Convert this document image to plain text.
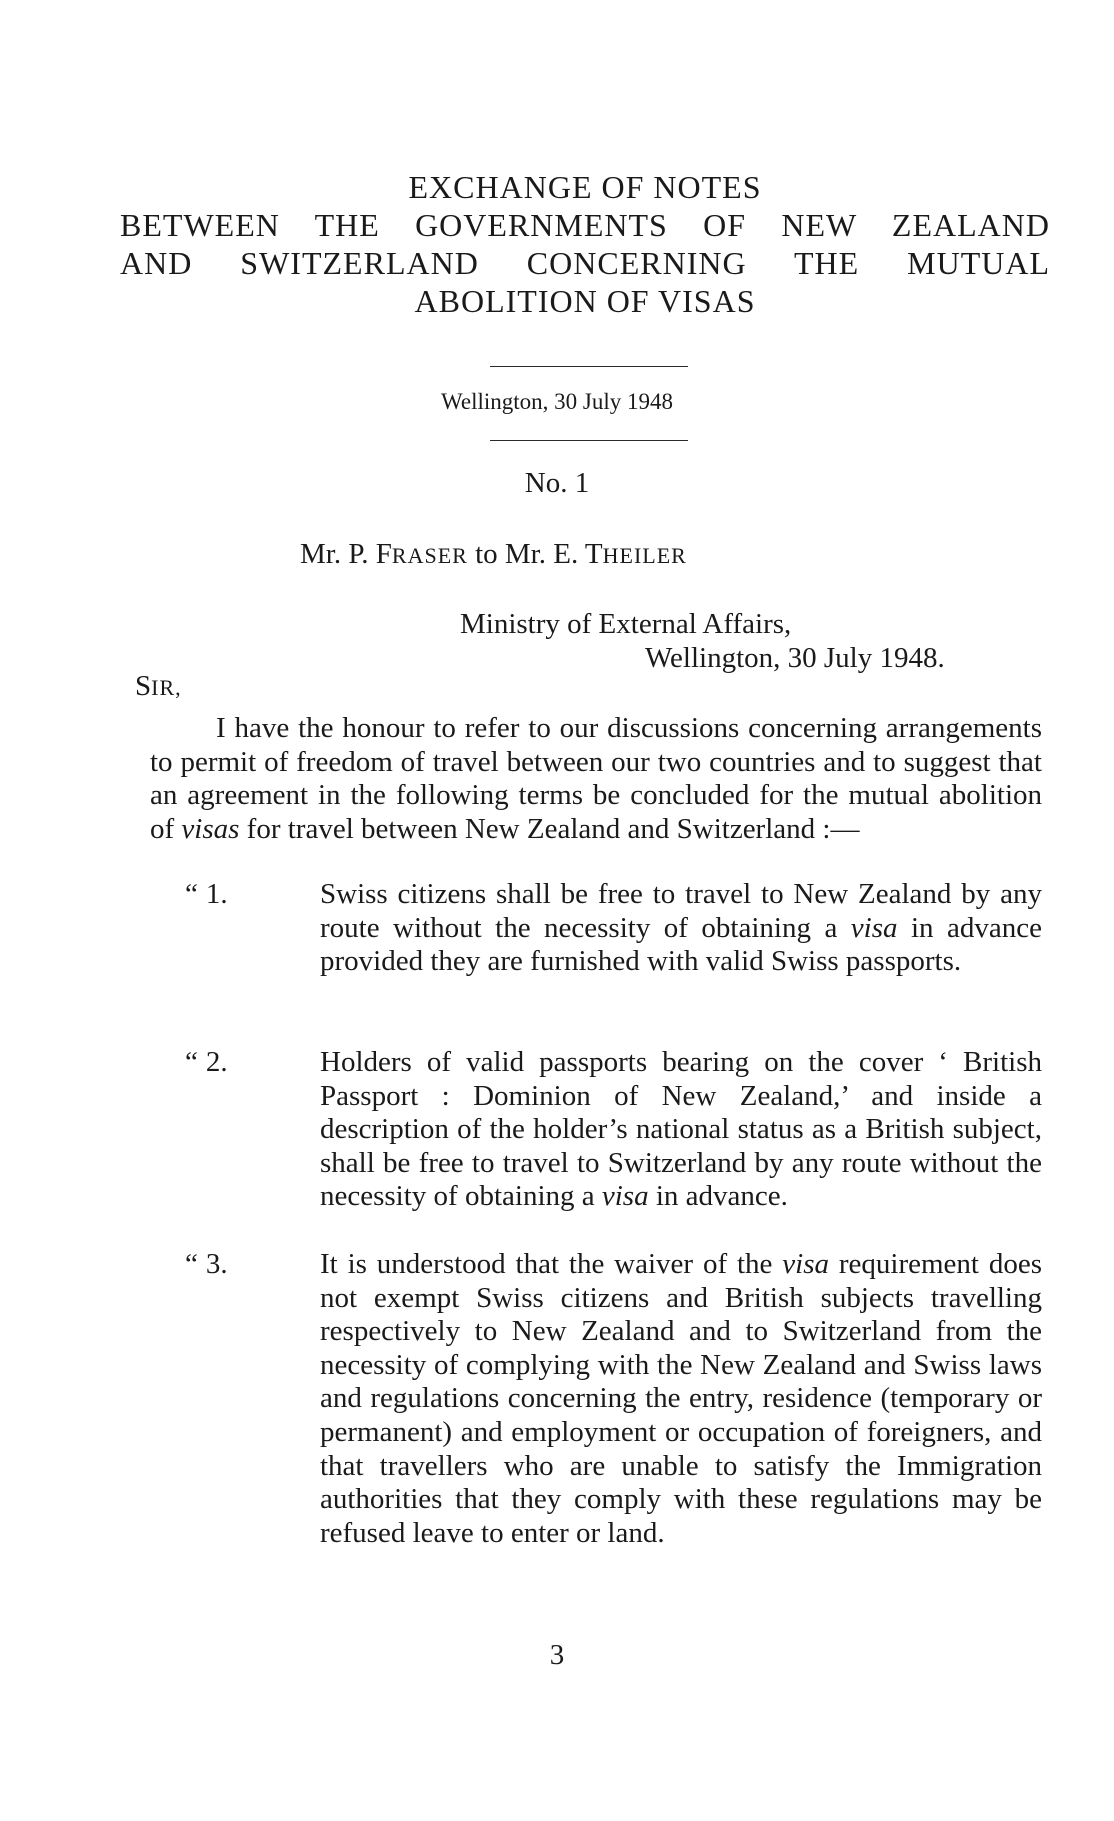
EXCHANGE OF NOTES
BETWEEN THE GOVERNMENTS OF NEW ZEALAND
AND SWITZERLAND CONCERNING THE MUTUAL
ABOLITION OF VISAS
Wellington, 30 July 1948
No. 1
Mr. P. FRASER to Mr. E. THEILER
Ministry of External Affairs,
Wellington, 30 July 1948.
SIR,
I have the honour to refer to our discussions concerning arrangements to permit of freedom of travel between our two countries and to suggest that an agreement in the following terms be concluded for the mutual abolition of visas for travel between New Zealand and Switzerland :—
“ 1.	Swiss citizens shall be free to travel to New Zealand by any route without the necessity of obtaining a visa in advance provided they are furnished with valid Swiss passports.
“ 2.	Holders of valid passports bearing on the cover ‘ British Passport : Dominion of New Zealand,’ and inside a description of the holder’s national status as a British subject, shall be free to travel to Switzerland by any route without the necessity of obtaining a visa in advance.
“ 3.	It is understood that the waiver of the visa requirement does not exempt Swiss citizens and British subjects travelling respectively to New Zealand and to Switzerland from the necessity of complying with the New Zealand and Swiss laws and regulations concerning the entry, residence (temporary or permanent) and employment or occupation of foreigners, and that travellers who are unable to satisfy the Immigration authorities that they comply with these regulations may be refused leave to enter or land.
3
